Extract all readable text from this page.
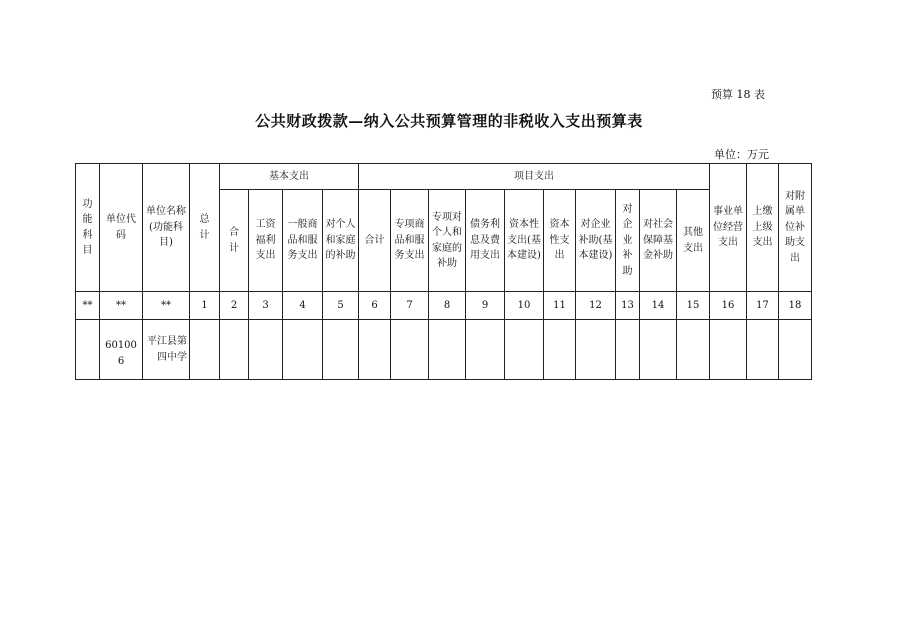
预算 18 表
公共财政拨款—纳入公共预算管理的非税收入支出预算表
单位：万元
功能科目	单位代码	单位名称(功能科目)	总计	基本支出				项目支出										事业单位经营支出	上缴上级支出	对附属单位补助支出
				合计	工资福利支出	一般商品和服务支出	对个人和家庭的补助	合计	专项商品和服务支出	专项对个人和家庭的补助	债务利息及费用支出	资本性支出(基本建设)	资本性支出	对企业补助(基本建设)	对企业补助	对社会保障基金补助	其他支出			
**	**	**	1	2	3	4	5	6	7	8	9	10	11	12	13	14	15	16	17	18
	601006	平江县第四中学																		
